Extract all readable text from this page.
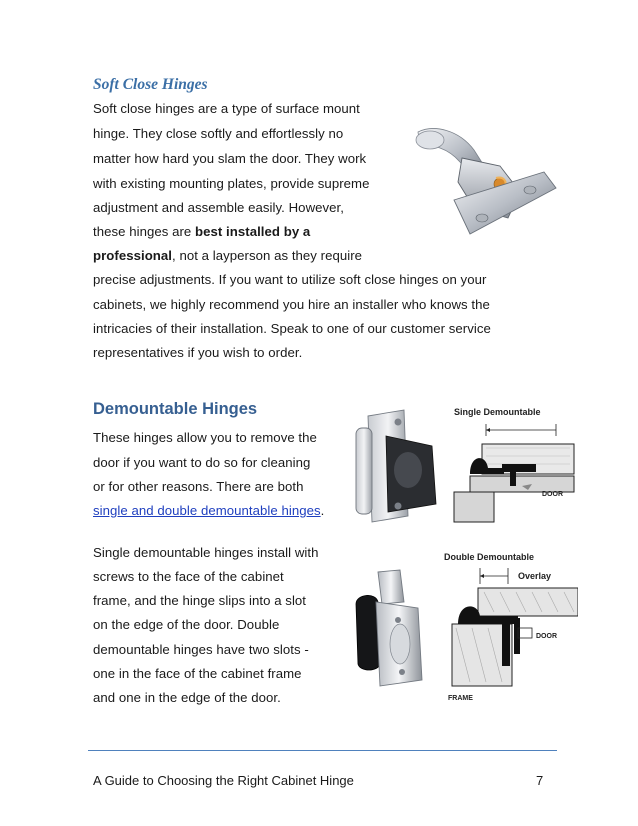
Soft Close Hinges
Soft close hinges are a type of surface mount
hinge. They close softly and effortlessly no
matter how hard you slam the door. They work
with existing mounting plates, provide supreme
adjustment and assemble easily. However,
these hinges are best installed by a
professional, not a layperson as they require
precise adjustments. If you want to utilize soft close hinges on your
cabinets, we highly recommend you hire an installer who knows the
intricacies of their installation. Speak to one of our customer service
representatives if you wish to order.
Demountable Hinges
These hinges allow you to remove the
door if you want to do so for cleaning
or for other reasons. There are both
single and double demountable hinges.
Single demountable hinges install with
screws to the face of the cabinet
frame, and the hinge slips into a slot
on the edge of the door. Double
demountable hinges have two slots -
one in the face of the cabinet frame
and one in the edge of the door.
Single Demountable
DOOR
Double Demountable
Overlay
DOOR
FRAME
A Guide to Choosing the Right Cabinet Hinge	7
